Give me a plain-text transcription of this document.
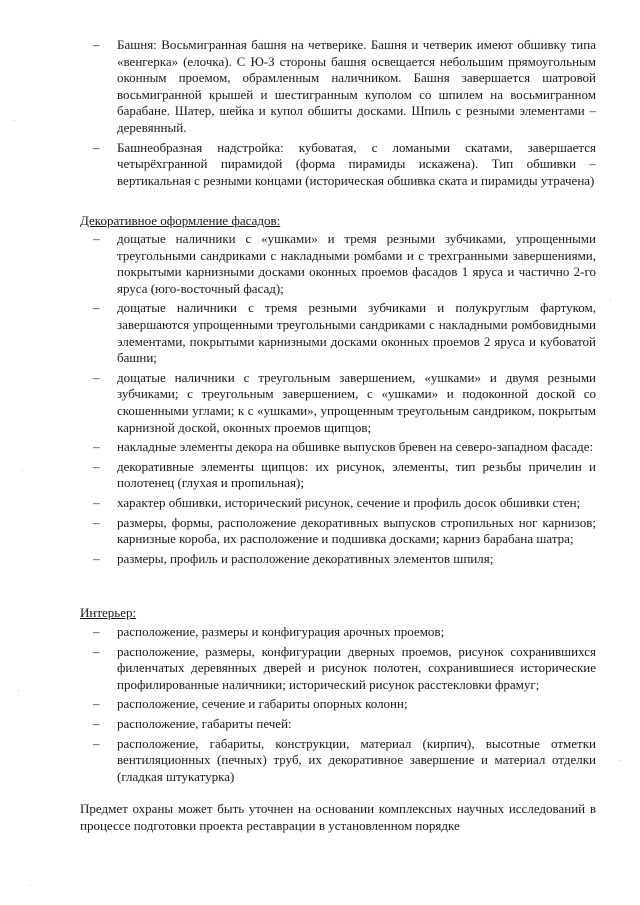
– Башня: Восьмигранная башня на четверике. Башня и четверик имеют обшивку типа «венгерка» (елочка). С Ю-З стороны башня освещается небольшим прямоугольным оконным проемом, обрамленным наличником. Башня завершается шатровой восьмигранной крышей и шестигранным куполом со шпилем на восьмигранном барабане. Шатер, шейка и купол обшиты досками. Шпиль с резными элементами –деревянный.
– Башнеобразная надстройка: кубоватая, с ломаными скатами, завершается четырёхгранной пирамидой (форма пирамиды искажена). Тип обшивки – вертикальная с резными концами (историческая обшивка ската и пирамиды утрачена)
Декоративное оформление фасадов:
– дощатые наличники с «ушками» и тремя резными зубчиками, упрощенными треугольными сандриками с накладными ромбами и с трехгранными завершениями, покрытыми карнизными досками оконных проемов фасадов 1 яруса и частично 2-го яруса (юго-восточный фасад);
– дощатые наличники с тремя резными зубчиками и полукруглым фартуком, завершаются упрощенными треугольными сандриками с накладными ромбовидными элементами, покрытыми карнизными досками оконных проемов 2 яруса и кубоватой башни;
– дощатые наличники с треугольным завершением, «ушками» и двумя резными зубчиками; с треугольным завершением, с «ушками» и подоконной доской со скошенными углами; к с «ушками», упрощенным треугольным сандриком, покрытым карнизной доской, оконных проемов щипцов;
– накладные элементы декора на обшивке выпусков бревен на северо-западном фасаде:
– декоративные элементы щипцов: их рисунок, элементы, тип резьбы причелин и полотенец (глухая и пропильная);
– характер обшивки, исторический рисунок, сечение и профиль досок обшивки стен;
– размеры, формы, расположение декоративных выпусков стропильных ног карнизов; карнизные короба, их расположение и подшивка досками; карниз барабана шатра;
– размеры, профиль и расположение декоративных элементов шпиля;
Интерьер:
– расположение, размеры и конфигурация арочных проемов;
– расположение, размеры, конфигурации дверных проемов, рисунок сохранившихся филенчатых деревянных дверей и рисунок полотен, сохранившиеся исторические профилированные наличники; исторический рисунок расстекловки фрамуг;
– расположение, сечение и габариты опорных колонн;
– расположение, габариты печей:
– расположение, габариты, конструкции, материал (кирпич), высотные отметки вентиляционных (печных) труб, их декоративное завершение и материал отделки (гладкая штукатурка)
Предмет охраны может быть уточнен на основании комплексных научных исследований в процессе подготовки проекта реставрации в установленном порядке
